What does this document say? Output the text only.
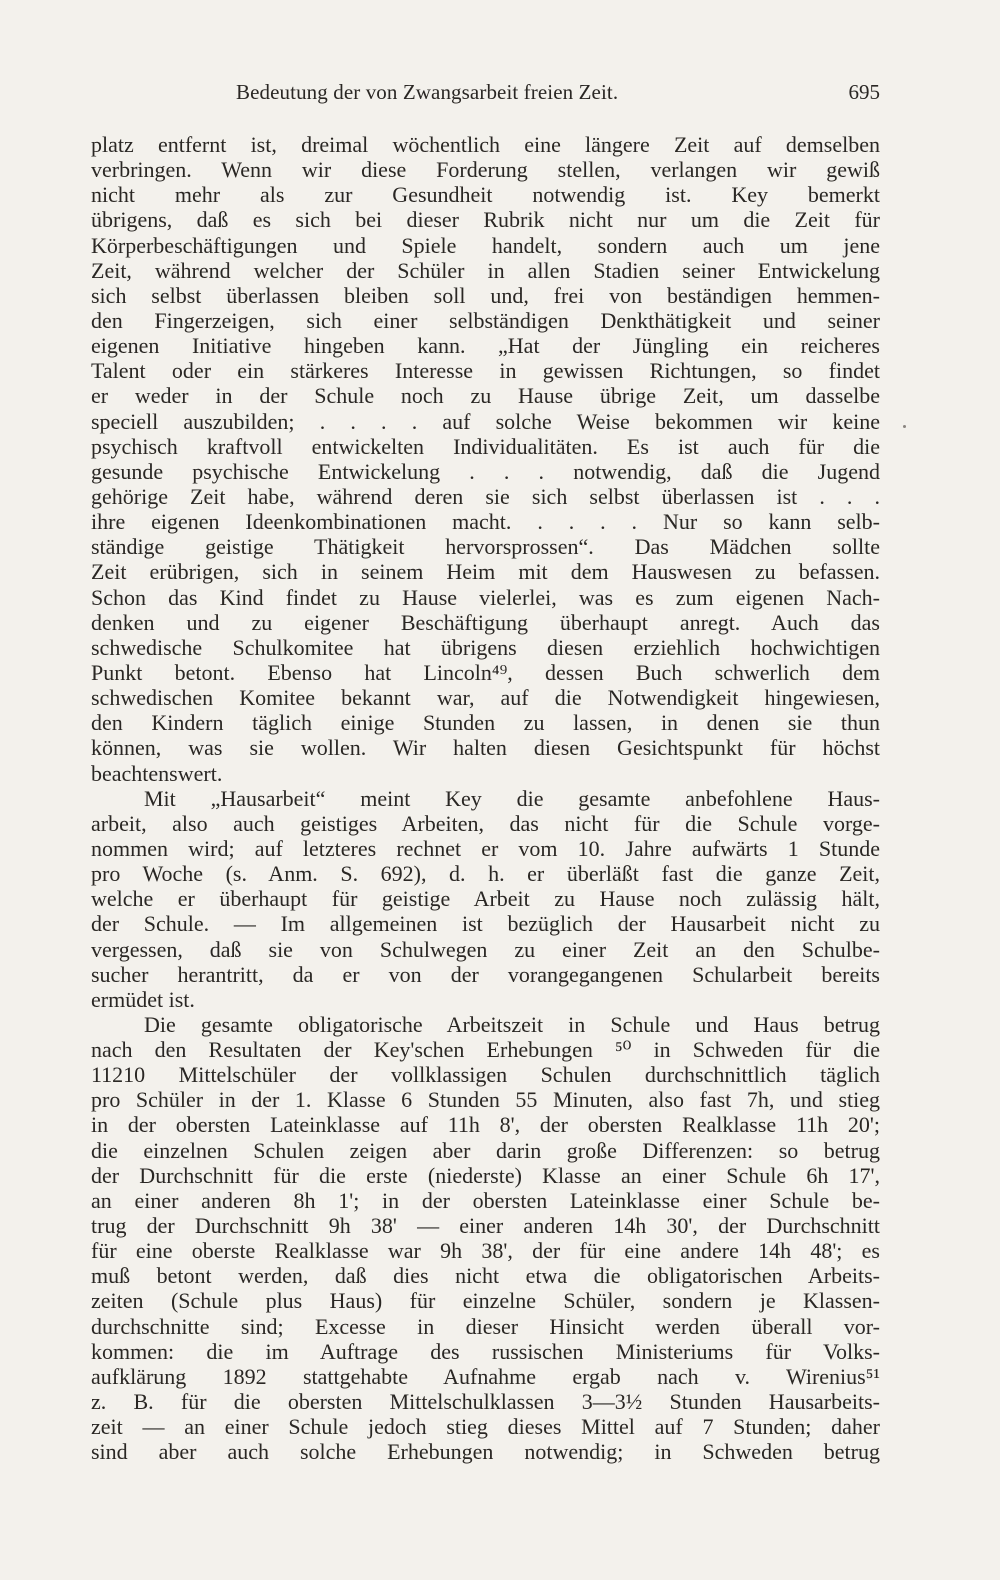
Bedeutung der von Zwangsarbeit freien Zeit.	695
platz entfernt ist, dreimal wöchentlich eine längere Zeit auf demselben
verbringen. Wenn wir diese Forderung stellen, verlangen wir gewiß
nicht mehr als zur Gesundheit notwendig ist. Key bemerkt
übrigens, daß es sich bei dieser Rubrik nicht nur um die Zeit für
Körperbeschäftigungen und Spiele handelt, sondern auch um jene
Zeit, während welcher der Schüler in allen Stadien seiner Entwickelung
sich selbst überlassen bleiben soll und, frei von beständigen hemmen-
den Fingerzeigen, sich einer selbständigen Denkthätigkeit und seiner
eigenen Initiative hingeben kann. „Hat der Jüngling ein reicheres
Talent oder ein stärkeres Interesse in gewissen Richtungen, so findet
er weder in der Schule noch zu Hause übrige Zeit, um dasselbe
speciell auszubilden; . . . . auf solche Weise bekommen wir keine
psychisch kraftvoll entwickelten Individualitäten. Es ist auch für die
gesunde psychische Entwickelung . . . notwendig, daß die Jugend
gehörige Zeit habe, während deren sie sich selbst überlassen ist . . .
ihre eigenen Ideenkombinationen macht. . . . . Nur so kann selb-
ständige geistige Thätigkeit hervorsprossen“. Das Mädchen sollte
Zeit erübrigen, sich in seinem Heim mit dem Hauswesen zu befassen.
Schon das Kind findet zu Hause vielerlei, was es zum eigenen Nach-
denken und zu eigener Beschäftigung überhaupt anregt. Auch das
schwedische Schulkomitee hat übrigens diesen erziehlich hochwichtigen
Punkt betont. Ebenso hat Lincoln⁴⁹, dessen Buch schwerlich dem
schwedischen Komitee bekannt war, auf die Notwendigkeit hingewiesen,
den Kindern täglich einige Stunden zu lassen, in denen sie thun
können, was sie wollen. Wir halten diesen Gesichtspunkt für höchst
beachtenswert.
Mit „Hausarbeit“ meint Key die gesamte anbefohlene Haus-
arbeit, also auch geistiges Arbeiten, das nicht für die Schule vorge-
nommen wird; auf letzteres rechnet er vom 10. Jahre aufwärts 1 Stunde
pro Woche (s. Anm. S. 692), d. h. er überläßt fast die ganze Zeit,
welche er überhaupt für geistige Arbeit zu Hause noch zulässig hält,
der Schule. — Im allgemeinen ist bezüglich der Hausarbeit nicht zu
vergessen, daß sie von Schulwegen zu einer Zeit an den Schulbe-
sucher herantritt, da er von der vorangegangenen Schularbeit bereits
ermüdet ist.
Die gesamte obligatorische Arbeitszeit in Schule und Haus betrug
nach den Resultaten der Key'schen Erhebungen ⁵⁰ in Schweden für die
11210 Mittelschüler der vollklassigen Schulen durchschnittlich täglich
pro Schüler in der 1. Klasse 6 Stunden 55 Minuten, also fast 7h, und stieg
in der obersten Lateinklasse auf 11h 8', der obersten Realklasse 11h 20';
die einzelnen Schulen zeigen aber darin große Differenzen: so betrug
der Durchschnitt für die erste (niederste) Klasse an einer Schule 6h 17',
an einer anderen 8h 1'; in der obersten Lateinklasse einer Schule be-
trug der Durchschnitt 9h 38' — einer anderen 14h 30', der Durchschnitt
für eine oberste Realklasse war 9h 38', der für eine andere 14h 48'; es
muß betont werden, daß dies nicht etwa die obligatorischen Arbeits-
zeiten (Schule plus Haus) für einzelne Schüler, sondern je Klassen-
durchschnitte sind; Excesse in dieser Hinsicht werden überall vor-
kommen: die im Auftrage des russischen Ministeriums für Volks-
aufklärung 1892 stattgehabte Aufnahme ergab nach v. Wirenius⁵¹
z. B. für die obersten Mittelschulklassen 3—3½ Stunden Hausarbeits-
zeit — an einer Schule jedoch stieg dieses Mittel auf 7 Stunden; daher
sind aber auch solche Erhebungen notwendig; in Schweden betrug
